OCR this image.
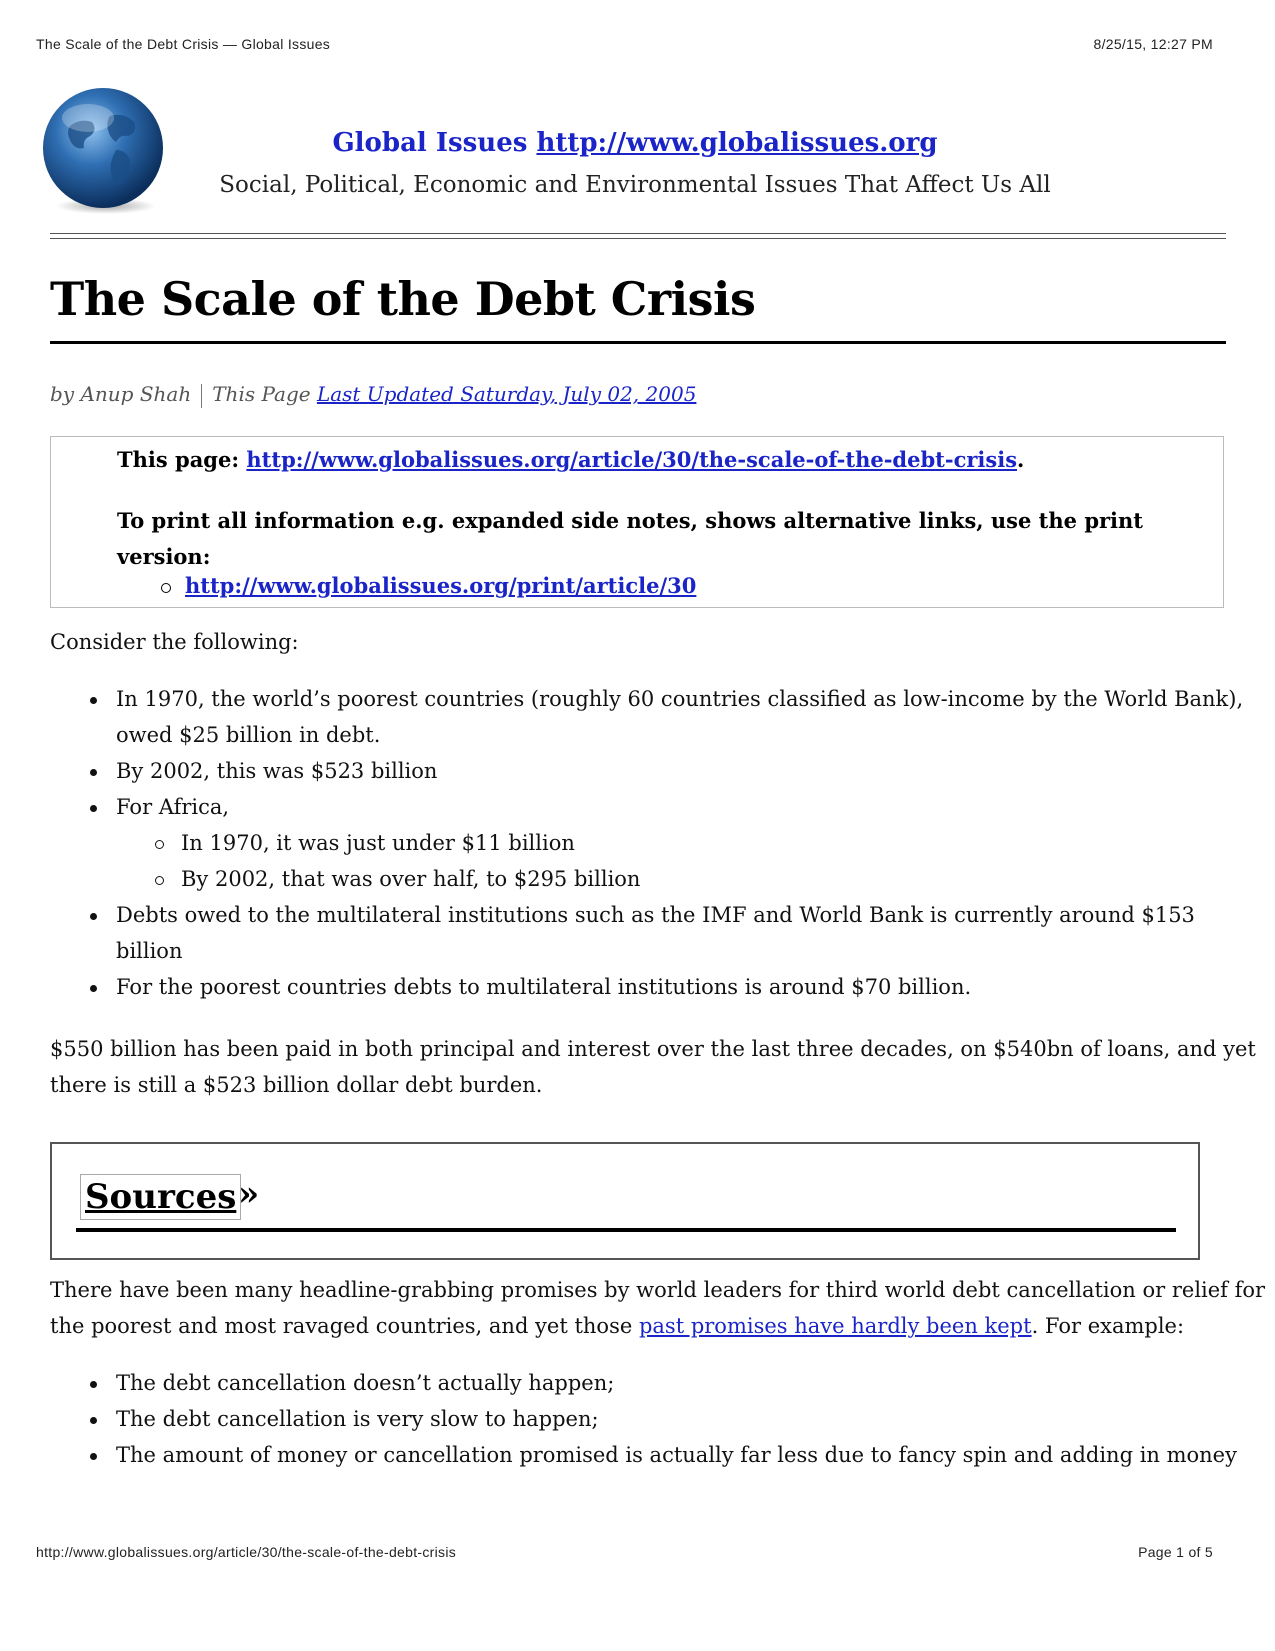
The Scale of the Debt Crisis — Global Issues	8/25/15, 12:27 PM
Global Issues http://www.globalissues.org
Social, Political, Economic and Environmental Issues That Affect Us All
The Scale of the Debt Crisis
by Anup Shah This Page Last Updated Saturday, July 02, 2005
This page: http://www.globalissues.org/article/30/the-scale-of-the-debt-crisis.
To print all information e.g. expanded side notes, shows alternative links, use the print version:
http://www.globalissues.org/print/article/30
Consider the following:
In 1970, the world’s poorest countries (roughly 60 countries classified as low-income by the World Bank),
owed $25 billion in debt.
By 2002, this was $523 billion
For Africa,
In 1970, it was just under $11 billion
By 2002, that was over half, to $295 billion
Debts owed to the multilateral institutions such as the IMF and World Bank is currently around $153
billion
For the poorest countries debts to multilateral institutions is around $70 billion.
$550 billion has been paid in both principal and interest over the last three decades, on $540bn of loans, and yet
there is still a $523 billion dollar debt burden.
Sources »
There have been many headline-grabbing promises by world leaders for third world debt cancellation or relief for
the poorest and most ravaged countries, and yet those past promises have hardly been kept. For example:
The debt cancellation doesn’t actually happen;
The debt cancellation is very slow to happen;
The amount of money or cancellation promised is actually far less due to fancy spin and adding in money
http://www.globalissues.org/article/30/the-scale-of-the-debt-crisis	Page 1 of 5
